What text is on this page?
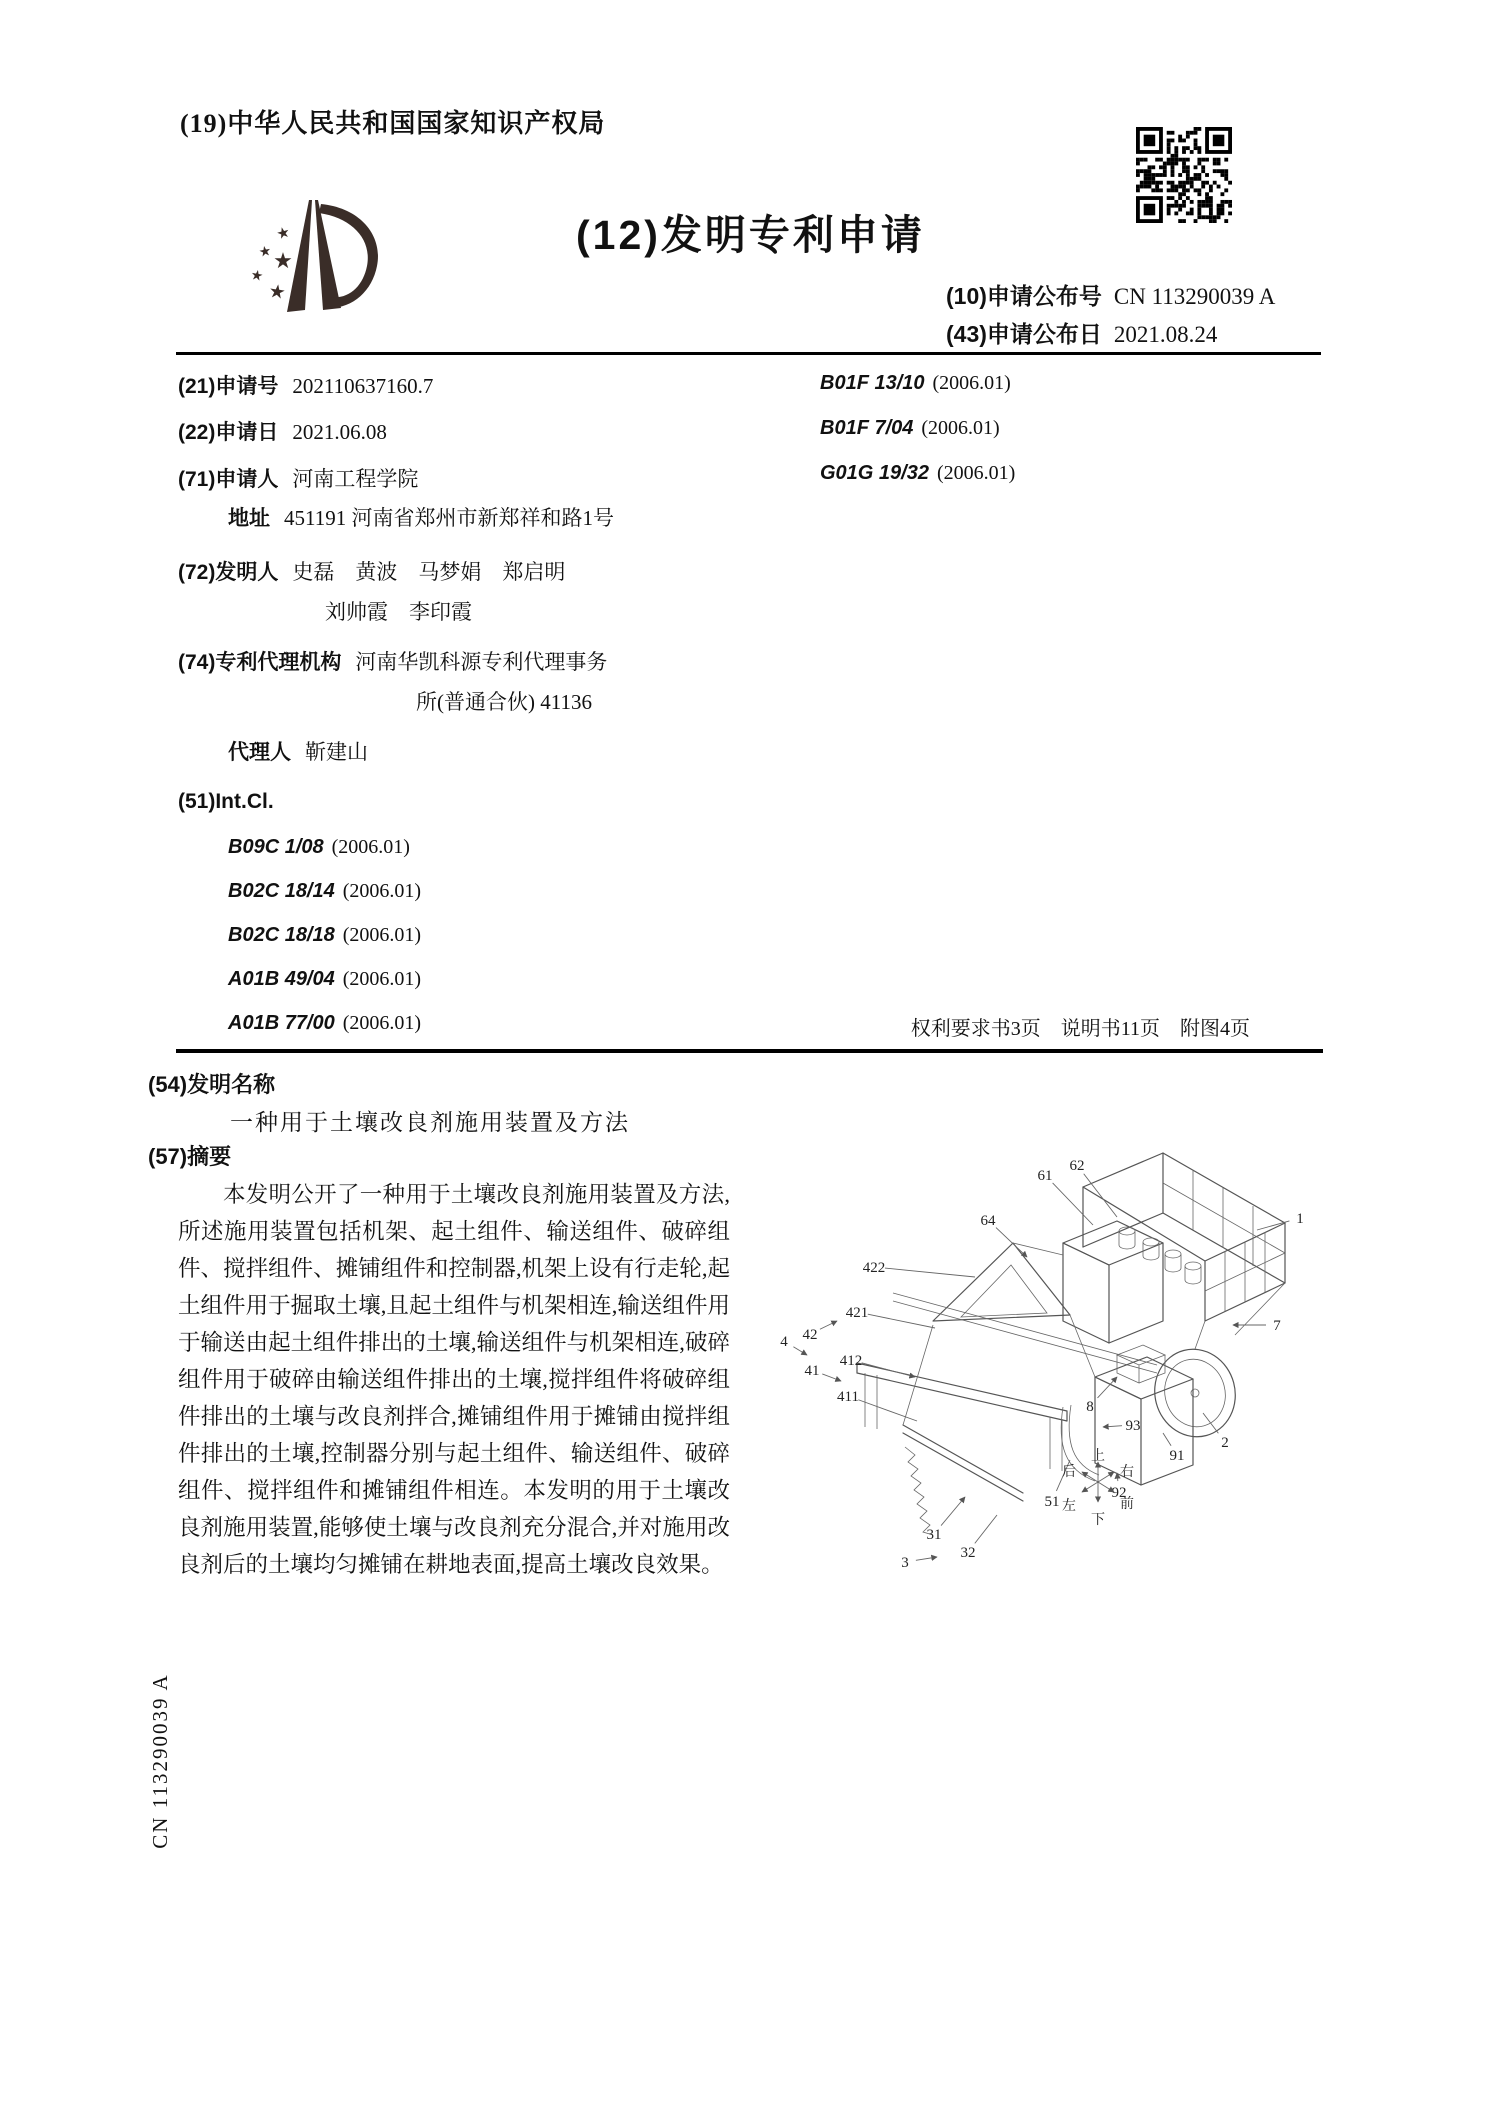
(19)中华人民共和国国家知识产权局
★
★ ★
★
★
(12)发明专利申请
(10)申请公布号 CN 113290039 A
(43)申请公布日 2021.08.24
(21)申请号 202110637160.7
(22)申请日 2021.06.08
(71)申请人 河南工程学院
地址 451191 河南省郑州市新郑祥和路1号
(72)发明人 史磊　黄波　马梦娟　郑启明
刘帅霞　李印霞
(74)专利代理机构 河南华凯科源专利代理事务
所(普通合伙) 41136
代理人 靳建山
(51)Int.Cl.
B09C 1/08 (2006.01)
B02C 18/14 (2006.01)
B02C 18/18 (2006.01)
A01B 49/04 (2006.01)
A01B 77/00 (2006.01)
B01F 13/10 (2006.01)
B01F 7/04 (2006.01)
G01G 19/32 (2006.01)
权利要求书3页　说明书11页　附图4页
(54)发明名称
一种用于土壤改良剂施用装置及方法
(57)摘要
本发明公开了一种用于土壤改良剂施用装置及方法,所述施用装置包括机架、起土组件、输送组件、破碎组件、搅拌组件、摊铺组件和控制器,机架上设有行走轮,起土组件用于掘取土壤,且起土组件与机架相连,输送组件用于输送由起土组件排出的土壤,输送组件与机架相连,破碎组件用于破碎由输送组件排出的土壤,搅拌组件将破碎组件排出的土壤与改良剂拌合,摊铺组件用于摊铺由搅拌组件排出的土壤,控制器分别与起土组件、输送组件、破碎组件、搅拌组件和摊铺组件相连。本发明的用于土壤改良剂施用装置,能够使土壤与改良剂充分混合,并对施用改良剂后的土壤均匀摊铺在耕地表面,提高土壤改良效果。
61
62
64	1
422
421
42
4
41
412
411
7
2
8
93
91
92
51
31
32
3
上
下
后	右
左	前
CN 113290039 A
